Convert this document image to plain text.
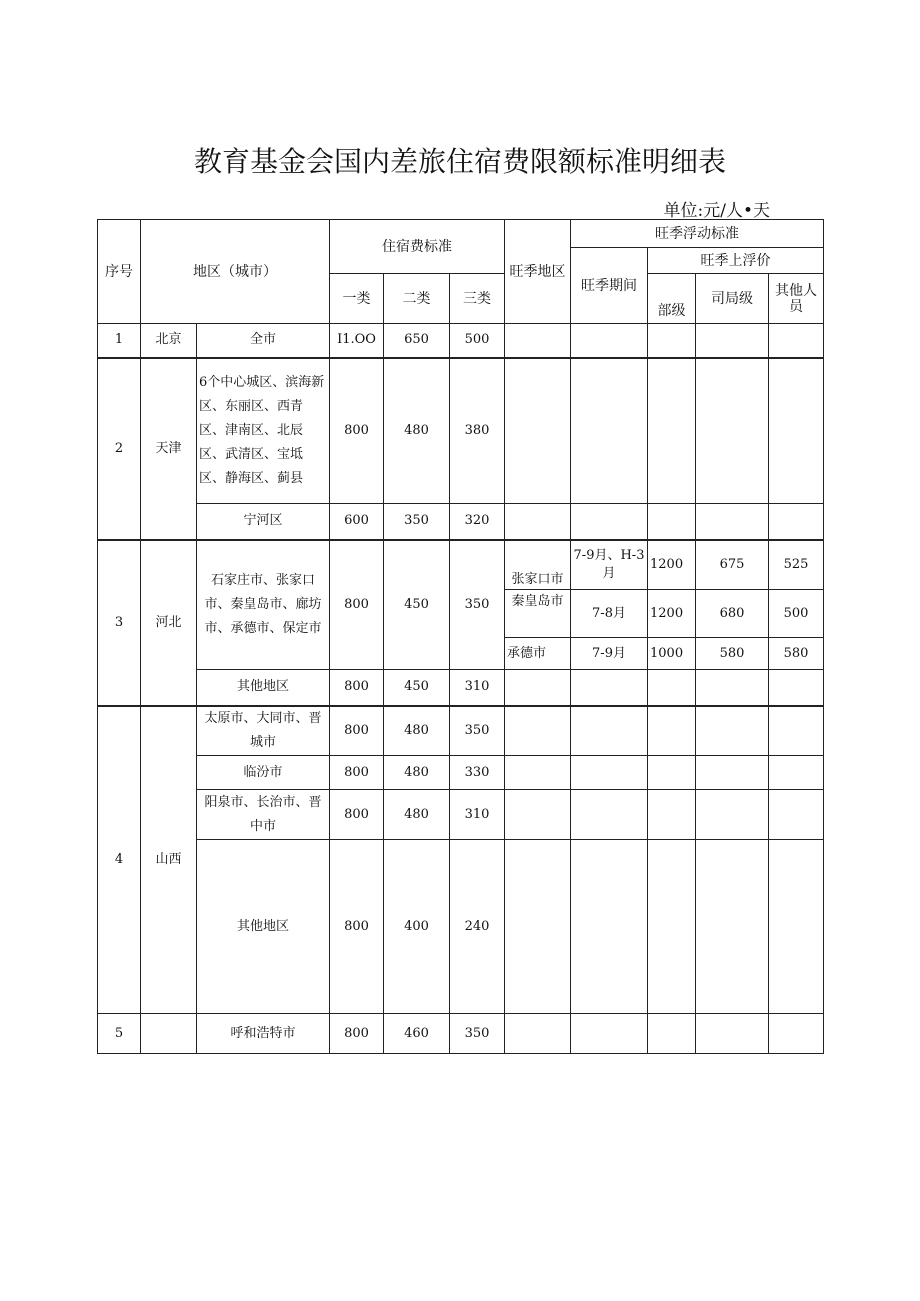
教育基金会国内差旅住宿费限额标准明细表
单位:元/人•天
序号	地区（城市）		住宿费标准			旺季地区	旺季浮动标准			
							旺季期间	旺季上浮价		
			一类	二类	三类			部级	司局级	其他人员
1	北京	全市	I1.OO	650	500					
2	天津	6个中心城区、滨海新区、东丽区、西青区、津南区、北辰区、武清区、宝坻区、静海区、蓟县	800	480	380					
		宁河区	600	350	320					
3	河北	石家庄市、张家口市、秦皇岛市、廊坊市、承德市、保定市	800	450	350	张家口市	7-9月、H-3月	1200	675	525
						秦皇岛市	7-8月	1200	680	500
						承德市	7-9月	1000	580	580
		其他地区	800	450	310					
4	山西	太原市、大同市、晋城市	800	480	350					
		临汾市	800	480	330					
		阳泉市、长治市、晋中市	800	480	310					
		其他地区	800	400	240					
5		呼和浩特市	800	460	350					
